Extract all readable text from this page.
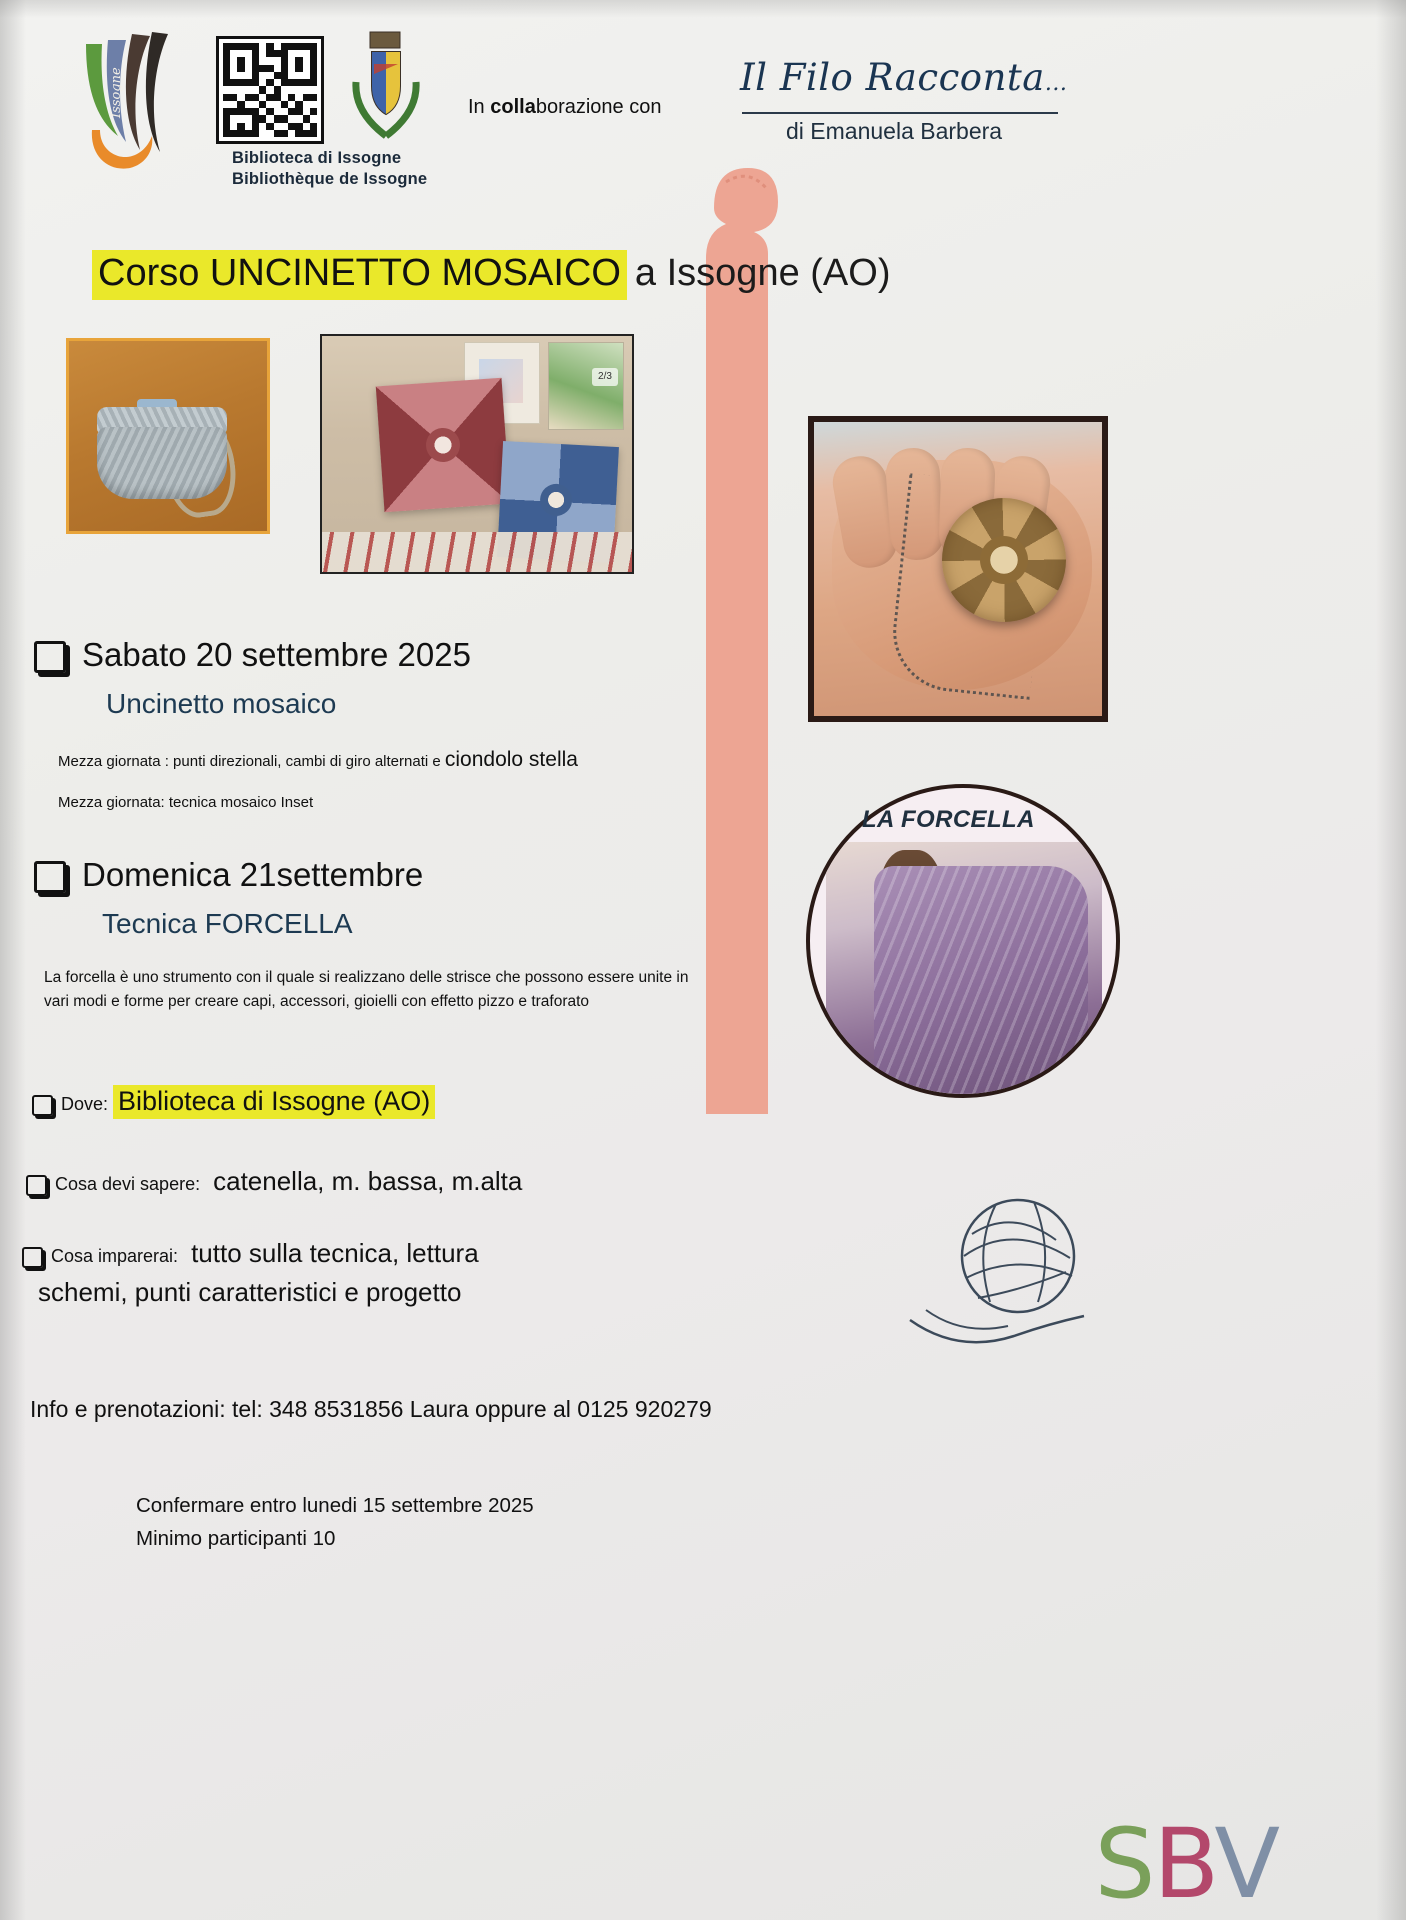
Issogne
Biblioteca di Issogne
Bibliothèque de Issogne
In collaborazione con
Il Filo Racconta...
di Emanuela Barbera
Corso UNCINETTO MOSAICO a Issogne (AO)
2/3
LA FORCELLA
Sabato 20 settembre 2025
Uncinetto mosaico
Mezza giornata : punti direzionali, cambi di giro alternati e ciondolo stella
Mezza giornata: tecnica mosaico Inset
Domenica 21settembre
Tecnica FORCELLA
La forcella è uno strumento con il quale si realizzano delle strisce che possono essere unite in vari modi e forme per creare capi, accessori, gioielli con effetto pizzo e traforato
Dove: Biblioteca di Issogne (AO)
Cosa devi sapere: catenella, m. bassa, m.alta
Cosa imparerai: tutto sulla tecnica, lettura
schemi, punti caratteristici e progetto
Info e prenotazioni: tel: 348 8531856 Laura oppure al 0125 920279
Confermare entro lunedi 15 settembre 2025
Minimo participanti 10
SBV
